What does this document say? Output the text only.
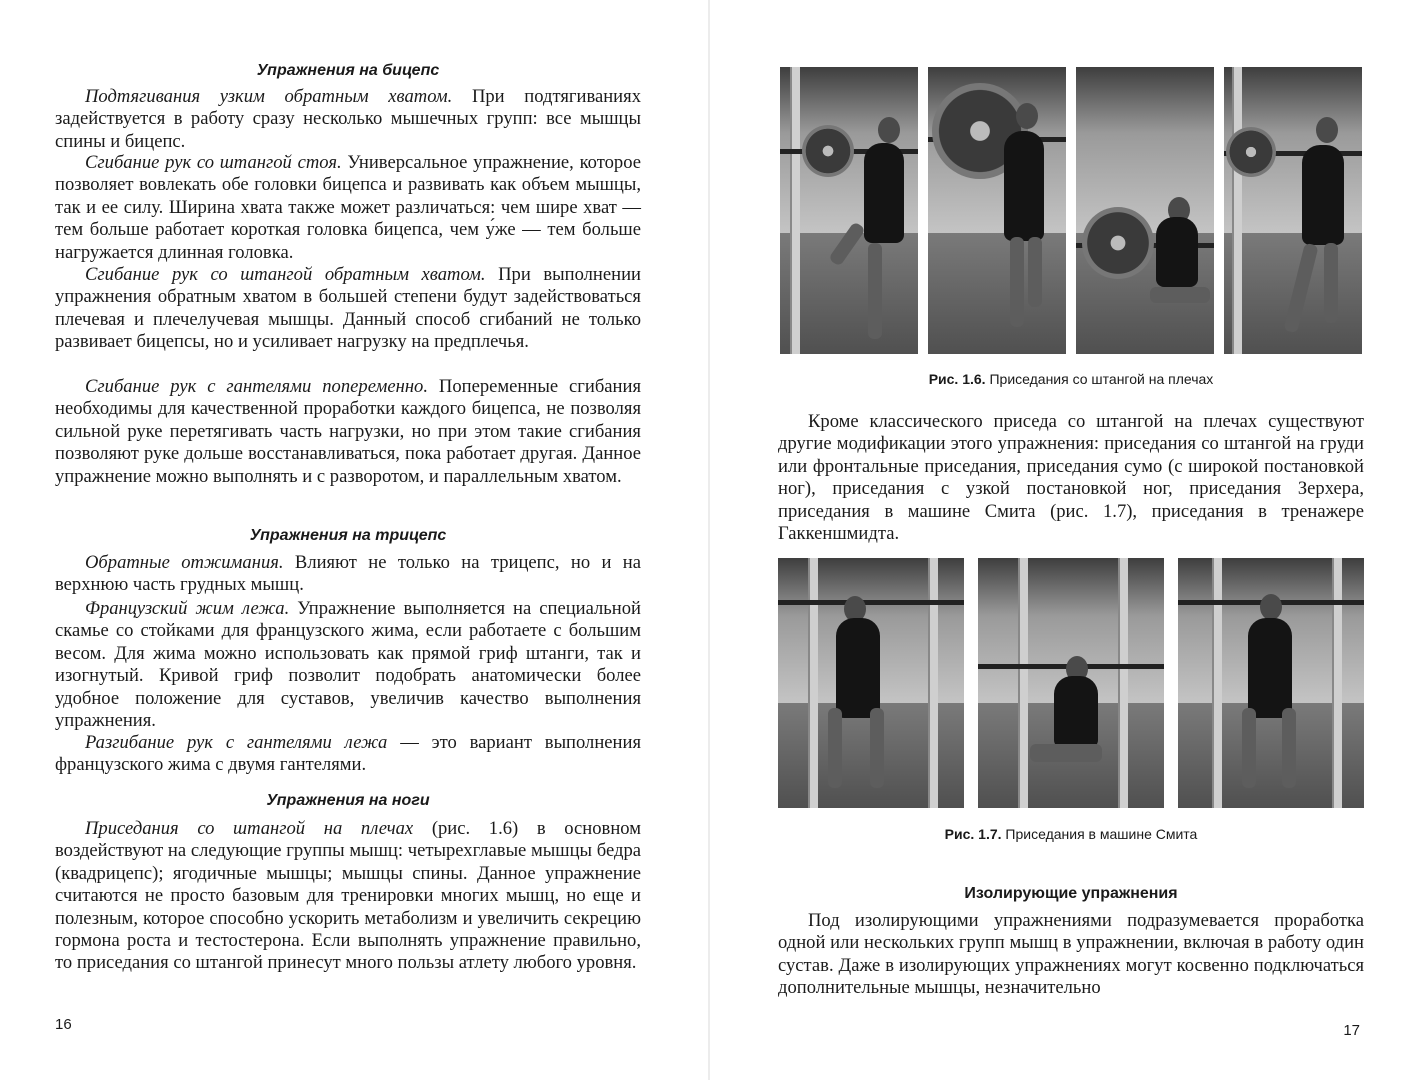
Упражнения на бицепс

Подтягивания узким обратным хватом. При подтягиваниях задействуется в работу сразу несколько мышечных групп: все мышцы спины и бицепс.

Сгибание рук со штангой стоя. Универсальное упражнение, которое позволяет вовлекать обе головки бицепса и развивать как объем мышцы, так и ее силу. Ширина хвата также может различаться: чем шире хват — тем больше работает короткая головка бицепса, чем у́же — тем больше нагружается длинная головка.

Сгибание рук со штангой обратным хватом. При выполнении упражнения обратным хватом в большей степени будут задействоваться плечевая и плечелучевая мышцы. Данный способ сгибаний не только развивает бицепсы, но и усиливает нагрузку на предплечья.

Сгибание рук с гантелями попеременно. Попеременные сгибания необходимы для качественной проработки каждого бицепса, не позволяя сильной руке перетягивать часть нагрузки, но при этом такие сгибания позволяют руке дольше восстанавливаться, пока работает другая. Данное упражнение можно выполнять и с разворотом, и параллельным хватом.

Упражнения на трицепс

Обратные отжимания. Влияют не только на трицепс, но и на верхнюю часть грудных мышц.

Французский жим лежа. Упражнение выполняется на специальной скамье со стойками для французского жима, если работаете с большим весом. Для жима можно использовать как прямой гриф штанги, так и изогнутый. Кривой гриф позволит подобрать анатомически более удобное положение для суставов, увеличив качество выполнения упражнения.

Разгибание рук с гантелями лежа — это вариант выполнения французского жима с двумя гантелями.

Упражнения на ноги

Приседания со штангой на плечах (рис. 1.6) в основном воздействуют на следующие группы мышц: четырехглавые мышцы бедра (квадрицепс); ягодичные мышцы; мышцы спины. Данное упражнение считаются не просто базовым для тренировки многих мышц, но еще и полезным, которое способно ускорить метаболизм и увеличить секрецию гормона роста и тестостерона. Если выполнять упражнение правильно, то приседания со штангой принесут много пользы атлету любого уровня.

16
Рис. 1.6. Приседания со штангой на плечах

Кроме классического приседа со штангой на плечах существуют другие модификации этого упражнения: приседания со штангой на груди или фронтальные приседания, приседания сумо (с широкой постановкой ног), приседания с узкой постановкой ног, приседания Зерхера, приседания в машине Смита (рис. 1.7), приседания в тренажере Гаккеншмидта.

Рис. 1.7. Приседания в машине Смита
Изолирующие упражнения

Под изолирующими упражнениями подразумевается проработка одной или нескольких групп мышц в упражнении, включая в работу один сустав. Даже в изолирующих упражнениях могут косвенно подключаться дополнительные мышцы, незначительно

17
